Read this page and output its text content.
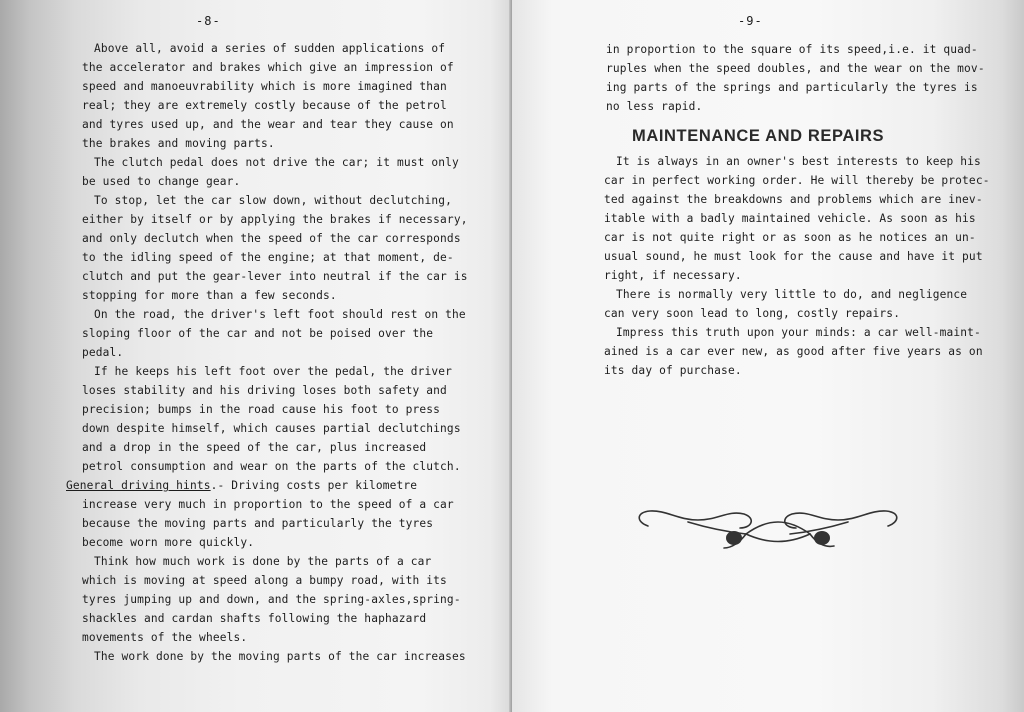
-8-
Above all, avoid a series of sudden applications of
the accelerator and brakes which give an impression of
speed and manoeuvrability which is more imagined than
real; they are extremely costly because of the petrol
and tyres used up, and the wear and tear they cause on
the brakes and moving parts.
The clutch pedal does not drive the car; it must only
be used to change gear.
To stop, let the car slow down, without declutching,
either by itself or by applying the brakes if necessary,
and only declutch when the speed of the car corresponds
to the idling speed of the engine; at that moment, de-
clutch and put the gear-lever into neutral if the car is
stopping for more than a few seconds.
On the road, the driver's left foot should rest on the
sloping floor of the car and not be poised over the
pedal.
If he keeps his left foot over the pedal, the driver
loses stability and his driving loses both safety and
precision; bumps in the road cause his foot to press
down despite himself, which causes partial declutchings
and a drop in the speed of the car, plus increased
petrol consumption and wear on the parts of the clutch.
General driving hints.- Driving costs per kilometre
increase very much in proportion to the speed of a car
because the moving parts and particularly the tyres
become worn more quickly.
Think how much work is done by the parts of a car
which is moving at speed along a bumpy road, with its
tyres jumping up and down, and the spring-axles,spring-
shackles and cardan shafts following the haphazard
movements of the wheels.
The work done by the moving parts of the car increases
-9-
in proportion to the square of its speed,i.e. it quad-
ruples when the speed doubles, and the wear on the mov-
ing parts of the springs and particularly the tyres is
no less rapid.
MAINTENANCE AND REPAIRS
It is always in an owner's best interests to keep his
car in perfect working order. He will thereby be protec-
ted against the breakdowns and problems which are inev-
itable with a badly maintained vehicle. As soon as his
car is not quite right or as soon as he notices an un-
usual sound, he must look for the cause and have it put
right, if necessary.
There is normally very little to do, and negligence
can very soon lead to long, costly repairs.
Impress this truth upon your minds: a car well-maint-
ained is a car ever new, as good after five years as on
its day of purchase.
